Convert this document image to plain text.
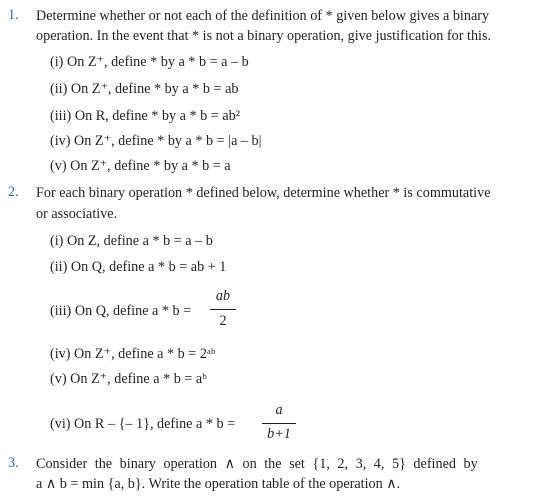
1. Determine whether or not each of the definition of * given below gives a binary
operation. In the event that * is not a binary operation, give justification for this.
(i) On Z⁺, define * by a * b = a – b
(ii) On Z⁺, define * by a * b = ab
(iii) On R, define * by a * b = ab²
(iv) On Z⁺, define * by a * b = |a – b|
(v) On Z⁺, define * by a * b = a
2. For each binary operation * defined below, determine whether * is commutative
or associative.
(i) On Z, define a * b = a – b
(ii) On Q, define a * b = ab + 1
(iii) On Q, define a * b =
ab
2
(iv) On Z⁺, define a * b = 2ᵃᵇ
(v) On Z⁺, define a * b = aᵇ
(vi) On R – {– 1}, define a * b =
a
b+1
3. Consider the binary operation ∧ on the set {1, 2, 3, 4, 5} defined by
a ∧ b = min {a, b}. Write the operation table of the operation ∧.
